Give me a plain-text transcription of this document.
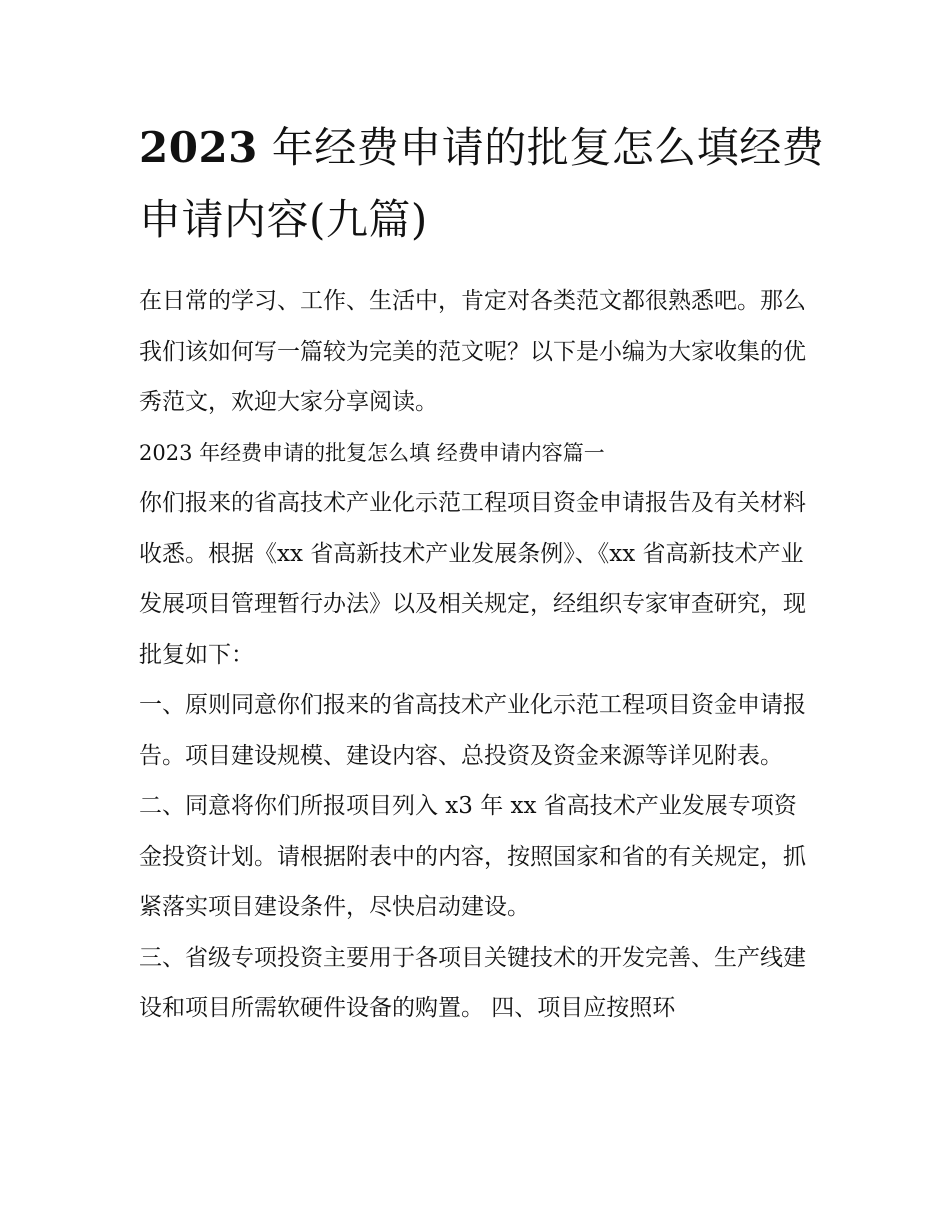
2023 年经费申请的批复怎么填经费申请内容(九篇)

在日常的学习、工作、生活中，肯定对各类范文都很熟悉吧。那么我们该如何写一篇较为完美的范文呢？以下是小编为大家收集的优秀范文，欢迎大家分享阅读。

2023 年经费申请的批复怎么填 经费申请内容篇一

你们报来的省高技术产业化示范工程项目资金申请报告及有关材料收悉。根据《xx 省高新技术产业发展条例》、《xx 省高新技术产业发展项目管理暂行办法》以及相关规定，经组织专家审查研究，现批复如下：

一、原则同意你们报来的省高技术产业化示范工程项目资金申请报告。项目建设规模、建设内容、总投资及资金来源等详见附表。

二、同意将你们所报项目列入 x3 年 xx 省高技术产业发展专项资金投资计划。请根据附表中的内容，按照国家和省的有关规定，抓紧落实项目建设条件，尽快启动建设。

三、省级专项投资主要用于各项目关键技术的开发完善、生产线建设和项目所需软硬件设备的购置。 四、项目应按照环
